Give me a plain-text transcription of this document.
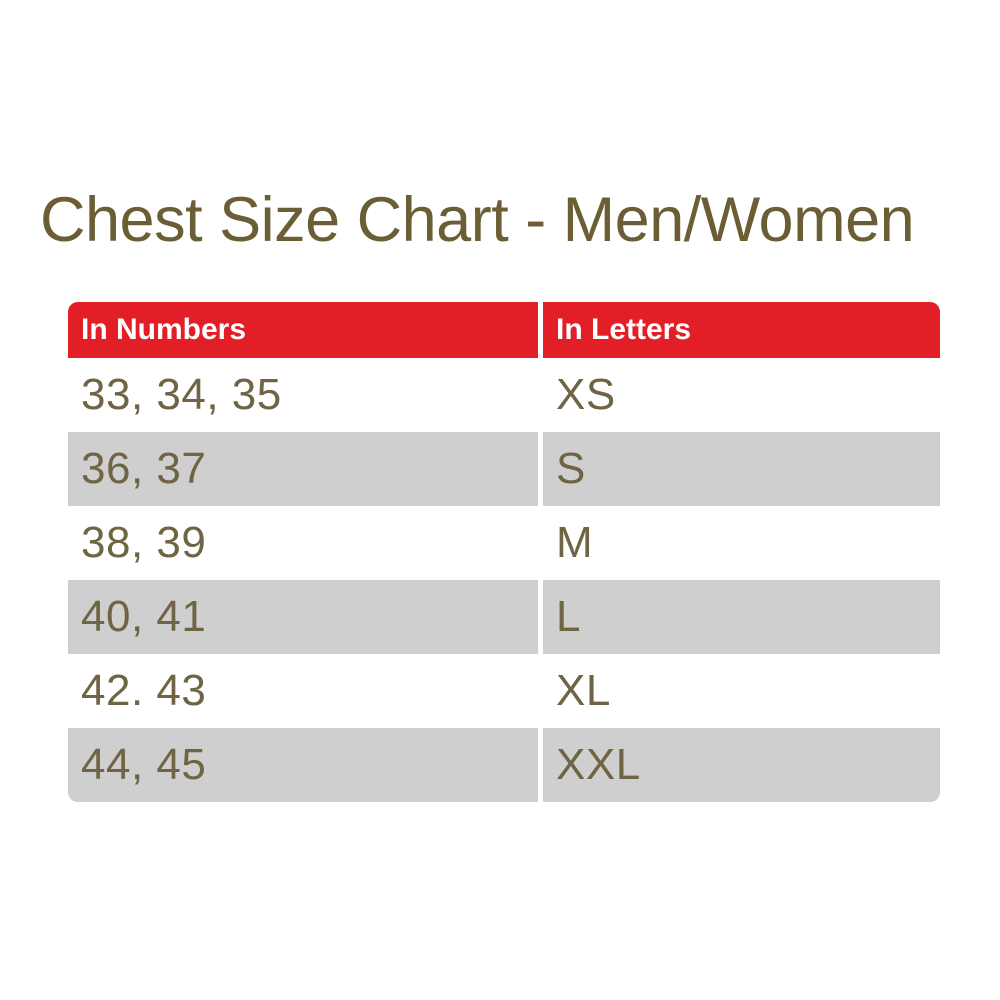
Chest Size Chart - Men/Women
In Numbers	In Letters
33, 34, 35	XS
36, 37	S
38, 39	M
40, 41	L
42. 43	XL
44, 45	XXL
